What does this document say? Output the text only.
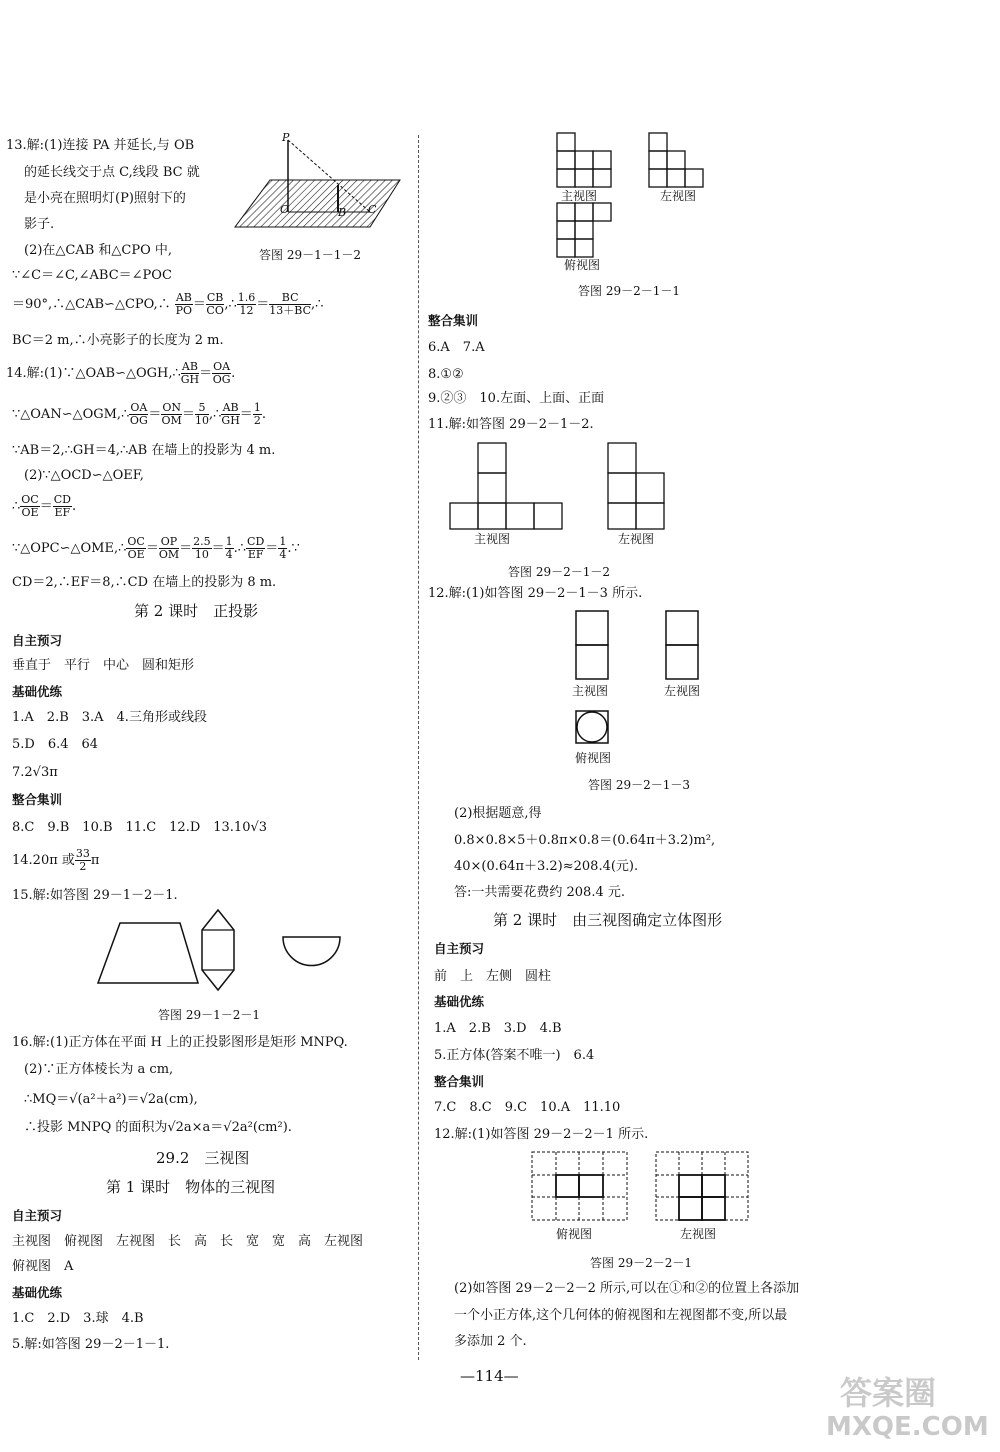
13.解:(1)连接 PA 并延长,与 OB
的延长线交于点 C,线段 BC 就
是小亮在照明灯(P)照射下的
影子.
P
O	B C
答图 29－1－1－2
(2)在△CAB 和△CPO 中,
∵∠C＝∠C,∠ABC＝∠POC
＝90°,∴△CAB∽△CPO,∴ $\frac{AB}{PO} = \frac{CB}{CO}$ ,∴ $\frac{1.6}{12} = \frac{BC}{13+BC}$ ,∴
BC＝2 m,∴小亮影子的长度为 2 m.
14.解:(1)∵△OAB∽△OGH,∴ $\frac{AB}{GH} = \frac{OA}{OG}$ .
∵△OAN∽△OGM,∴ $\frac{OA}{OG} = \frac{ON}{OM} = \frac{5}{10}$ ,∴ $\frac{AB}{GH} = \frac{1}{2}$ .
∵AB＝2,∴GH＝4,∴AB 在墙上的投影为 4 m.
(2)∵△OCD∽△OEF,
∴ $\frac{OC}{OE} = \frac{CD}{EF}$ .
∵△OPC∽△OME,∴ $\frac{OC}{OE} = \frac{OP}{OM} = \frac{2.5}{10} = \frac{1}{4}$ .∴ $\frac{CD}{EF} = \frac{1}{4}$ .∵
CD＝2,∴EF＝8,∴CD 在墙上的投影为 8 m.
第 2 课时　正投影
自主预习
垂直于　平行　中心　圆和矩形
基础优练
1.A　2.B　3.A　4.三角形或线段
5.D　6.4　64
7.2√3π
整合集训
8.C　9.B　10.B　11.C　12.D　13.10√3
14.20π 或 $\frac{33}{2}$ π
15.解:如答图 29－1－2－1.
答图 29－1－2－1
16.解:(1)正方体在平面 H 上的正投影图形是矩形 MNPQ.
(2)∵正方体棱长为 a cm,
∴MQ＝√(a²＋a²)＝√2a(cm),
∴投影 MNPQ 的面积为√2a×a＝√2a²(cm²).
29.2　三视图
第 1 课时　物体的三视图
自主预习
主视图　俯视图　左视图　长　高　长　宽　宽　高　左视图
俯视图　A
基础优练
1.C　2.D　3.球　4.B
5.解:如答图 29－2－1－1.
主视图	左视图
俯视图
答图 29－2－1－1
整合集训
6.A　7.A
8.①②
9.②③　10.左面、上面、正面
11.解:如答图 29－2－1－2.
主视图	左视图
答图 29－2－1－2
12.解:(1)如答图 29－2－1－3 所示.
主视图	左视图
俯视图
答图 29－2－1－3
(2)根据题意,得
0.8×0.8×5＋0.8π×0.8＝(0.64π＋3.2)m²,
40×(0.64π＋3.2)≈208.4(元).
答:一共需要花费约 208.4 元.
第 2 课时　由三视图确定立体图形
自主预习
前　上　左侧　圆柱
基础优练
1.A　2.B　3.D　4.B
5.正方体(答案不唯一)　6.4
整合集训
7.C　8.C　9.C　10.A　11.10
12.解:(1)如答图 29－2－2－1 所示.
俯视图	左视图
答图 29－2－2－1
(2)如答图 29－2－2－2 所示,可以在①和②的位置上各添加
一个小正方体,这个几何体的俯视图和左视图都不变,所以最
多添加 2 个.
—114—	答案圈
MXQE.COM
